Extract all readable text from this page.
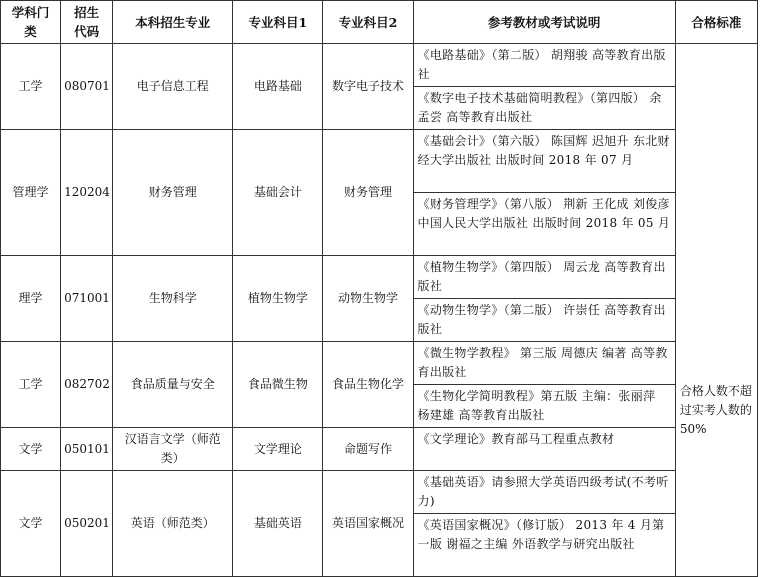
学科门类	招生代码	本科招生专业	专业科目1	专业科目2	参考教材或考试说明	合格标准
工学	080701	电子信息工程	电路基础	数字电子技术	《电路基础》（第二版） 胡翔骏 高等教育出版社	合格人数不超过实考人数的 50%
					《数字电子技术基础简明教程》（第四版） 余孟尝 高等教育出版社	
管理学	120204	财务管理	基础会计	财务管理	《基础会计》（第六版） 陈国辉 迟旭升 东北财经大学出版社 出版时间 2018 年 07 月	
					《财务管理学》（第八版） 荆新 王化成 刘俊彦 中国人民大学出版社 出版时间 2018 年 05 月	
理学	071001	生物科学	植物生物学	动物生物学	《植物生物学》（第四版） 周云龙 高等教育出版社	
					《动物生物学》（第二版） 许崇任 高等教育出版社	
工学	082702	食品质量与安全	食品微生物	食品生物化学	《微生物学教程》 第三版 周德庆 编著 高等教育出版社	
					《生物化学简明教程》第五版 主编：张丽萍 杨建雄 高等教育出版社	
文学	050101	汉语言文学（师范类）	文学理论	命题写作	《文学理论》教育部马工程重点教材	
文学	050201	英语（师范类）	基础英语	英语国家概况	《基础英语》请参照大学英语四级考试(不考听力)	
					《英语国家概况》（修订版） 2013 年 4 月第一版 谢福之主编 外语教学与研究出版社	
